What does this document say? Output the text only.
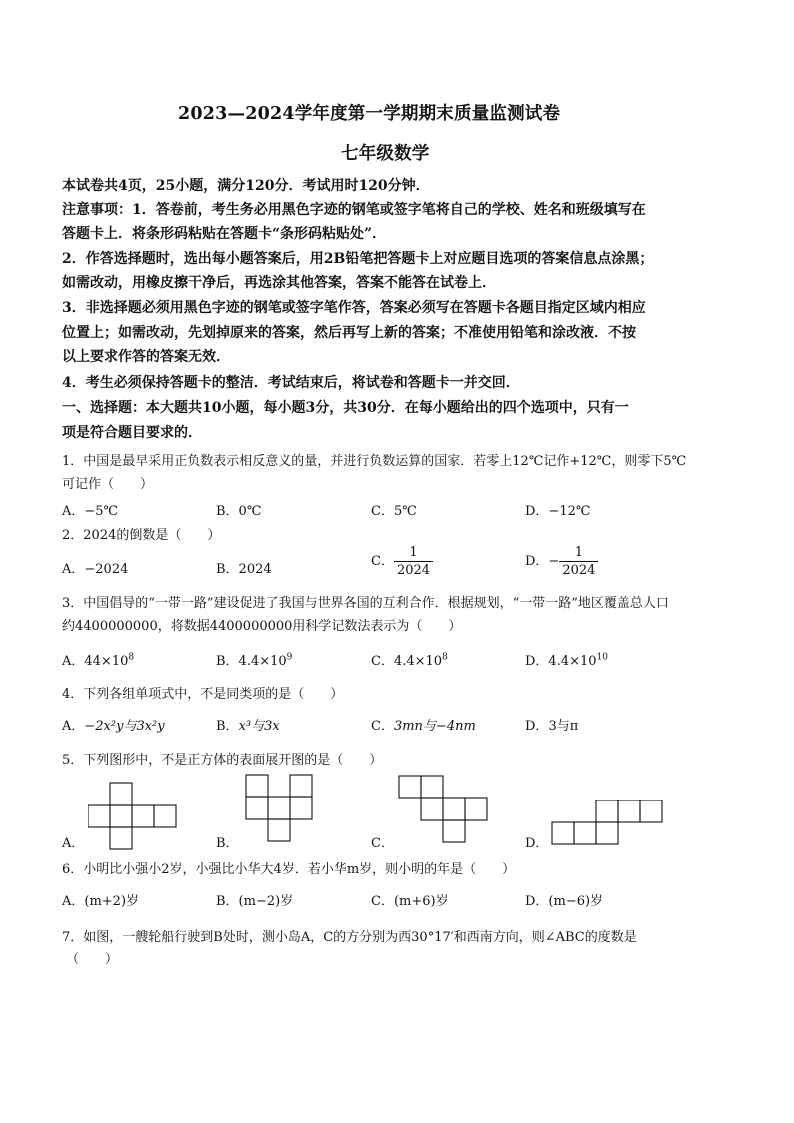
2023—2024学年度第一学期期末质量监测试卷
七年级数学
本试卷共4页，25小题，满分120分．考试用时120分钟．
注意事项：1．答卷前，考生务必用黑色字迹的钢笔或签字笔将自己的学校、姓名和班级填写在
答题卡上．将条形码粘贴在答题卡“条形码粘贴处”．
2．作答选择题时，选出每小题答案后，用2B铅笔把答题卡上对应题目选项的答案信息点涂黑；
如需改动，用橡皮擦干净后，再选涂其他答案，答案不能答在试卷上．
3．非选择题必须用黑色字迹的钢笔或签字笔作答，答案必须写在答题卡各题目指定区域内相应
位置上；如需改动，先划掉原来的答案，然后再写上新的答案；不准使用铅笔和涂改液．不按
以上要求作答的答案无效．
4．考生必须保持答题卡的整洁．考试结束后，将试卷和答题卡一并交回．
一、选择题：本大题共10小题，每小题3分，共30分．在每小题给出的四个选项中，只有一
项是符合题目要求的．
1．中国是最早采用正负数表示相反意义的量，并进行负数运算的国家．若零上12℃记作+12℃，则零下5℃
可记作（　　）
A．−5℃	B．0℃	C．5℃	D．−12℃
2．2024的倒数是（　　）
A．−2024	B．2024
C． $\frac{1}{2024}$	D．− $\frac{1}{2024}$
3．中国倡导的“一带一路”建设促进了我国与世界各国的互利合作．根据规划，“一带一路”地区覆盖总人口
约4400000000，将数据4400000000用科学记数法表示为（　　）
A．$44\times 10^8$	B．$4.4\times 10^9$	C．$4.4\times 10^8$	D．$4.4\times 10^{10}$
4．下列各组单项式中，不是同类项的是（　　）
A．−2x²y与3x²y	B．x³与3x	C．3mn与−4nm	D．3与π
5．下列图形中，不是正方体的表面展开图的是（　　）
A．	B．	C．	D．
6．小明比小强小2岁，小强比小华大4岁．若小华m岁，则小明的年是（　　）
A．(m+2)岁	B．(m−2)岁	C．(m+6)岁	D．(m−6)岁
7．如图，一艘轮船行驶到B处时，测小岛A，C的方分别为西30°17′和西南方向，则∠ABC的度数是
（　　）
